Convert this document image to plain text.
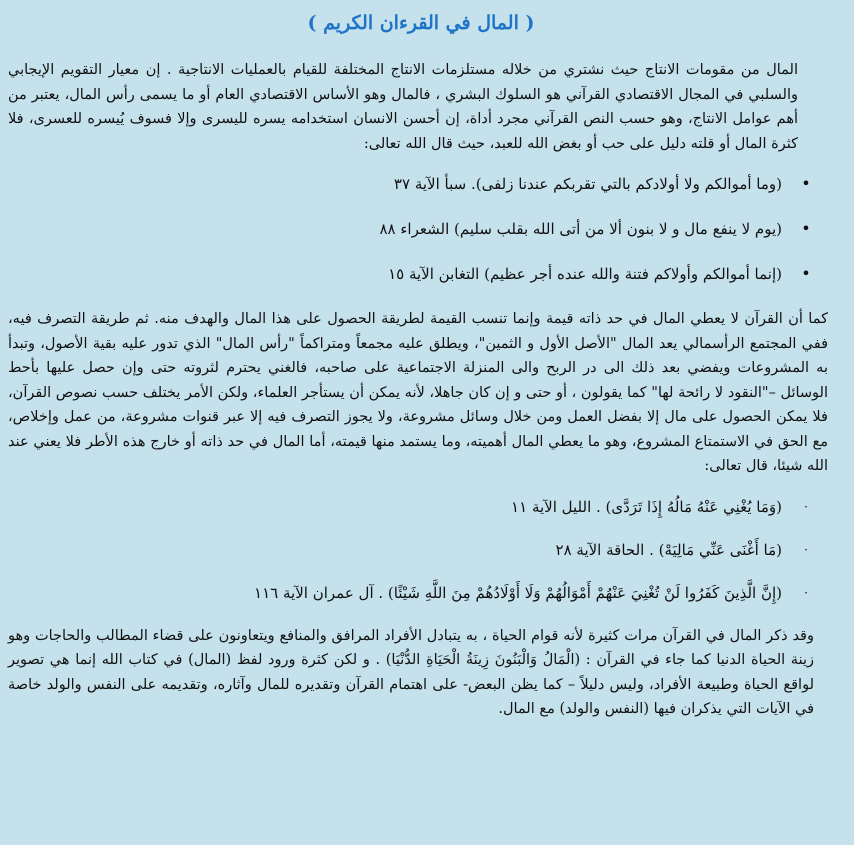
( المال في القرءان الكريم )

المال من مقومات الانتاج حيث نشتري من خلاله مستلزمات الانتاج المختلفة للقيام بالعمليات الانتاجية . إن معيار التقويم الإيجابي والسلبي في المجال الاقتصادي القرآني هو السلوك البشري ، فالمال وهو الأساس الاقتصادي العام أو ما يسمى رأس المال، يعتبر من أهم عوامل الانتاج، وهو حسب النص القرآني مجرد أداة، إن أحسن الانسان استخدامه يسره لليسرى وإلا فسوف يُيسره للعسرى، فلا كثرة المال أو قلته دليل على حب أو بغض الله للعبد، حيث قال الله تعالى:

•
(وما أموالكم ولا أولادكم بالتي تقربكم عندنا زلفى). سبأ الآية ٣٧
•
(يوم لا ينفع مال و لا بنون ألا من أتى الله بقلب سليم) الشعراء ٨٨
•
(إنما أموالكم وأولاكم فتنة والله عنده أجر عظيم) التغابن الآية ١٥

كما أن القرآن لا يعطي المال في حد ذاته قيمة وإنما تنسب القيمة لطريقة الحصول على هذا المال والهدف منه. ثم طريقة التصرف فيه، ففي المجتمع الرأسمالي يعد المال "الأصل الأول و الثمين"، ويطلق عليه مجمعاً ومتراكماً "رأس المال" الذي تدور عليه بقية الأصول، وتبدأ به المشروعات ويفضي بعد ذلك الى در الربح والى المنزلة الاجتماعية على صاحبه، فالغني يحترم لثروته حتى وإن حصل عليها بأحط الوسائل –"النقود لا رائحة لها" كما يقولون ، أو حتى و إن كان جاهلا، لأنه يمكن أن يستأجر العلماء، ولكن الأمر يختلف حسب نصوص القرآن، فلا يمكن الحصول على مال إلا بفضل العمل ومن خلال وسائل مشروعة، ولا يجوز التصرف فيه إلا عبر قنوات مشروعة، من عمل وإخلاص، مع الحق في الاستمتاع المشروع، وهو ما يعطي المال أهميته، وما يستمد منها قيمته، أما المال في حد ذاته أو خارج هذه الأطر فلا يعني عند الله شيئا، قال تعالى:

·
(وَمَا يُغْنِي عَنْهُ مَالُهُ إِذَا تَرَدَّى) . الليل الآية ١١
·
(مَا أَغْنَى عَنِّي مَالِيَهْ) . الحاقة الآية ٢٨
·
(إِنَّ الَّذِينَ كَفَرُوا لَنْ تُغْنِيَ عَنْهُمْ أَمْوَالُهُمْ وَلَا أَوْلَادُهُمْ مِنَ اللَّهِ شَيْئًا) . آل عمران الآية ١١٦

وقد ذكر المال في القرآن مرات كثيرة لأنه قوام الحياة ، به يتبادل الأفراد المرافق والمنافع ويتعاونون على قضاء المطالب والحاجات وهو زينة الحياة الدنيا كما جاء في القرآن : (الْمَالُ وَالْبَنُونَ زِينَةُ الْحَيَاةِ الدُّنْيَا) . و لكن كثرة ورود لفظ (المال) في كتاب الله إنما هي تصوير لواقع الحياة وطبيعة الأفراد، وليس دليلاً – كما يظن البعض- على اهتمام القرآن وتقديره للمال وآثاره، وتقديمه على النفس والولد خاصة في الآيات التي يذكران فيها (النفس والولد) مع المال.
